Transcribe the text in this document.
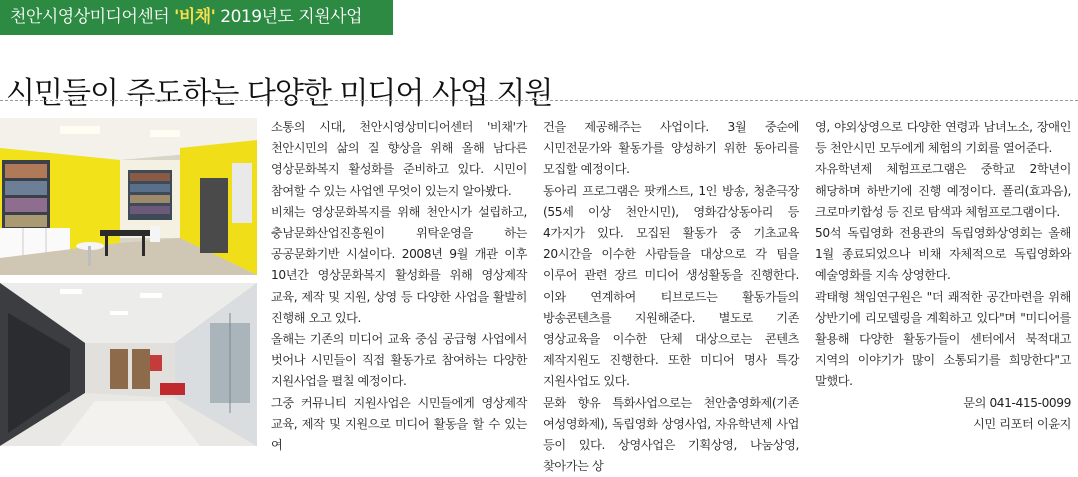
천안시영상미디어센터 '비채' 2019년도 지원사업
시민들이 주도하는 다양한 미디어 사업 지원

소통의 시대, 천안시영상미디어센터 '비채'가 천안시민의 삶의 질 향상을 위해 올해 남다른 영상문화복지 활성화를 준비하고 있다. 시민이 참여할 수 있는 사업엔 무엇이 있는지 알아봤다.

비채는 영상문화복지를 위해 천안시가 설립하고, 충남문화산업진흥원이 위탁운영을 하는 공공문화기반 시설이다. 2008년 9월 개관 이후 10년간 영상문화복지 활성화를 위해 영상제작 교육, 제작 및 지원, 상영 등 다양한 사업을 활발히 진행해 오고 있다.

올해는 기존의 미디어 교육 중심 공급형 사업에서 벗어나 시민들이 직접 활동가로 참여하는 다양한 지원사업을 펼칠 예정이다.

그중 커뮤니티 지원사업은 시민들에게 영상제작 교육, 제작 및 지원으로 미디어 활동을 할 수 있는 여

건을 제공해주는 사업이다. 3월 중순에 시민전문가와 활동가를 양성하기 위한 동아리를 모집할 예정이다.

동아리 프로그램은 팟캐스트, 1인 방송, 청춘극장(55세 이상 천안시민), 영화감상동아리 등 4가지가 있다. 모집된 활동가 중 기초교육 20시간을 이수한 사람들을 대상으로 각 팀을 이루어 관련 장르 미디어 생성활동을 진행한다. 이와 연계하여 티브로드는 활동가들의 방송콘텐츠를 지원해준다. 별도로 기존 영상교육을 이수한 단체 대상으로는 콘텐츠 제작지원도 진행한다. 또한 미디어 명사 특강 지원사업도 있다.

문화 향유 특화사업으로는 천안춤영화제(기존 여성영화제), 독립영화 상영사업, 자유학년제 사업 등이 있다. 상영사업은 기획상영, 나눔상영, 찾아가는 상

영, 야외상영으로 다양한 연령과 남녀노소, 장애인 등 천안시민 모두에게 체험의 기회를 열어준다.

자유학년제 체험프로그램은 중학교 2학년이 해당하며 하반기에 진행 예정이다. 폴리(효과음), 크로마키합성 등 진로 탐색과 체험프로그램이다.

50석 독립영화 전용관의 독립영화상영회는 올해 1월 종료되었으나 비채 자체적으로 독립영화와 예술영화를 지속 상영한다.

곽태형 책임연구원은 "더 쾌적한 공간마련을 위해 상반기에 리모델링을 계획하고 있다"며 "미디어를 활용해 다양한 활동가들이 센터에서 북적대고 지역의 이야기가 많이 소통되기를 희망한다"고 말했다.

문의 041-415-0099

시민 리포터 이윤지
